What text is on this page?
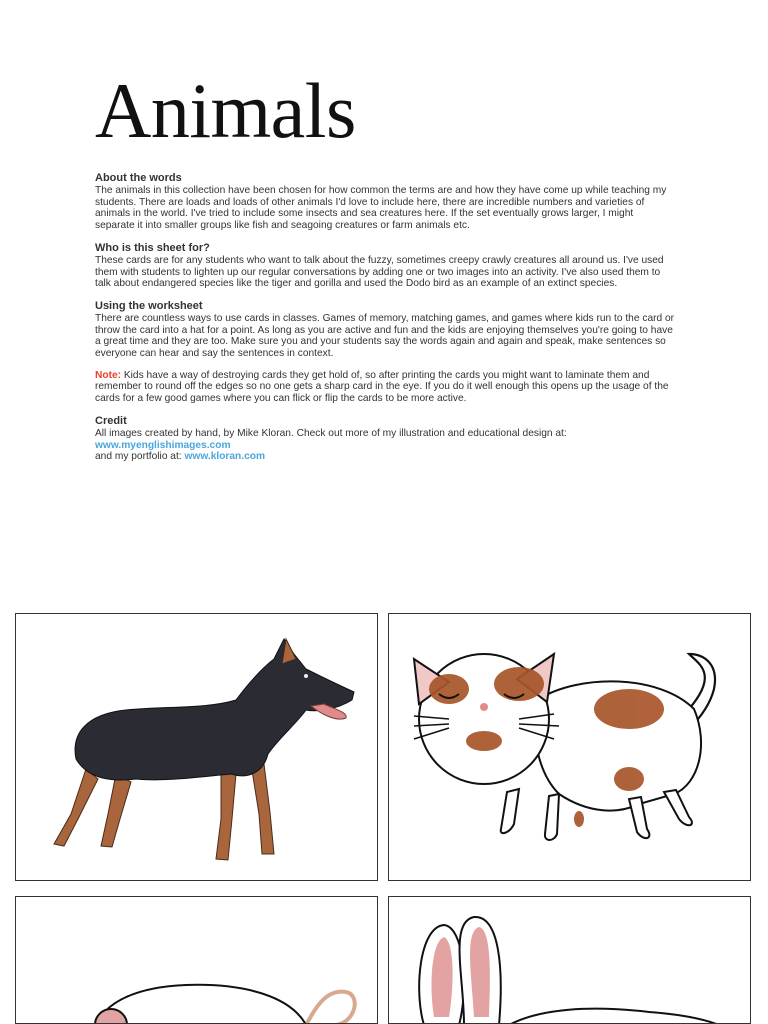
Animals
About the words

The animals in this collection have been chosen for how common the terms are and how they have come up while teaching my students. There are loads and loads of other animals I'd love to include here, there are incredible numbers and varieties of animals in the world. I've tried to include some insects and sea creatures here. If the set eventually grows larger, I might separate it into smaller groups like fish and seagoing creatures or farm animals etc.

Who is this sheet for?

These cards are for any students who want to talk about the fuzzy, sometimes creepy crawly creatures all around us. I've used them with students to lighten up our regular conversations by adding one or two images into an activity. I've also used them to talk about endangered species like the tiger and gorilla and used the Dodo bird as an example of an extinct species.

Using the worksheet

There are countless ways to use cards in classes. Games of memory, matching games, and games where kids run to the card or throw the card into a hat for a point. As long as you are active and fun and the kids are enjoying themselves you're going to have a great time and they are too. Make sure you and your students say the words again and again and speak, make sentences so everyone can hear and say the sentences in context.

Note: Kids have a way of destroying cards they get hold of, so after printing the cards you might want to laminate them and remember to round off the edges so no one gets a sharp card in the eye. If you do it well enough this opens up the usage of the cards for a few good games where you can flick or flip the cards to be more active.

Credit

All images created by hand, by Mike Kloran. Check out more of my illustration and educational design at:

www.myenglishimages.com

and my portfolio at: www.kloran.com
